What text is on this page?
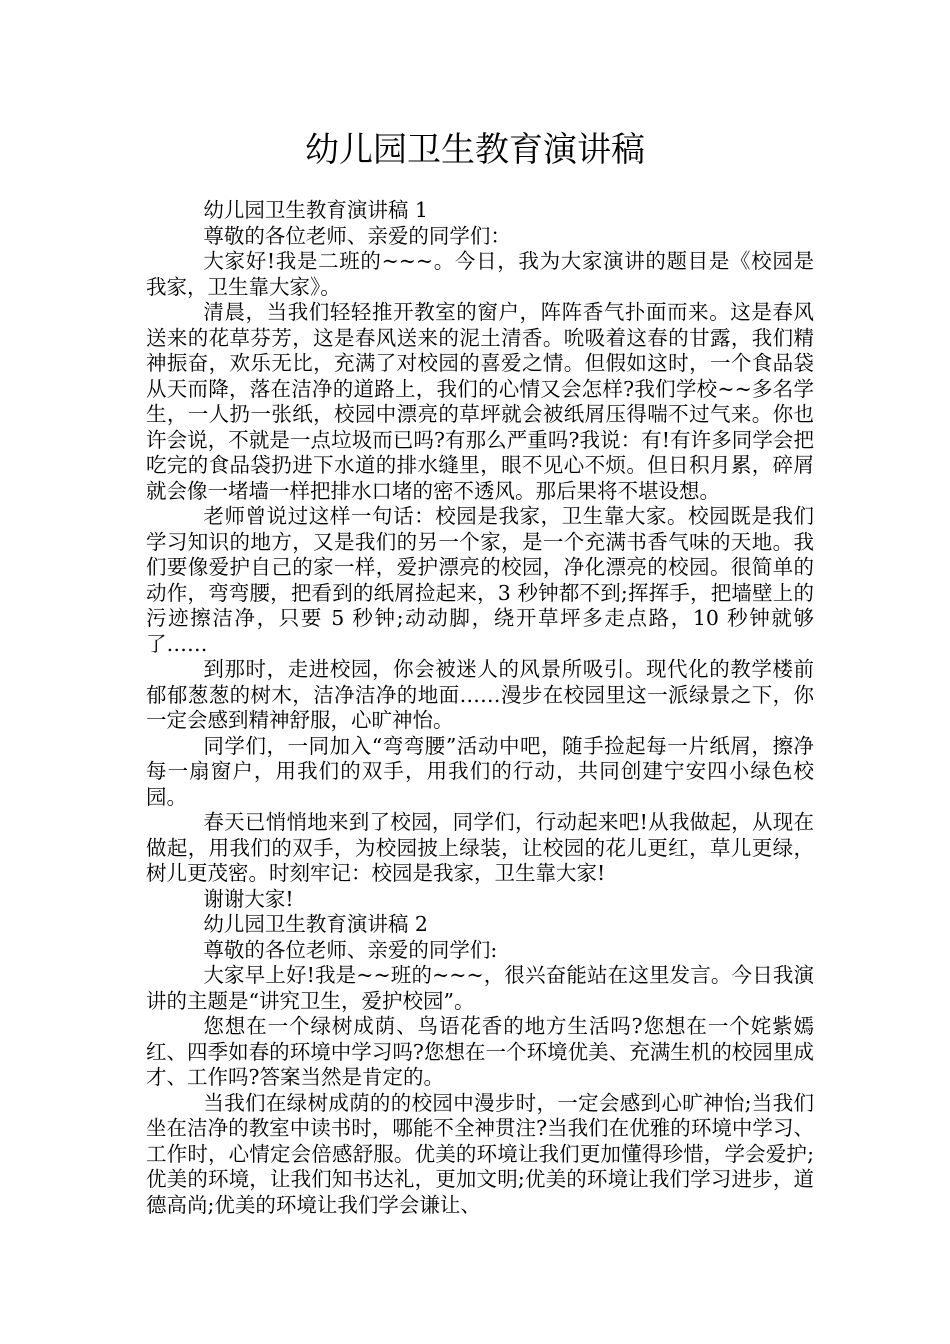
幼儿园卫生教育演讲稿

幼儿园卫生教育演讲稿 1

尊敬的各位老师、亲爱的同学们：

大家好!我是二班的~~~。今日，我为大家演讲的题目是《校园是我家，卫生靠大家》。

清晨，当我们轻轻推开教室的窗户，阵阵香气扑面而来。这是春风送来的花草芬芳，这是春风送来的泥土清香。吮吸着这春的甘露，我们精神振奋，欢乐无比，充满了对校园的喜爱之情。但假如这时，一个食品袋从天而降，落在洁净的道路上，我们的心情又会怎样?我们学校~~多名学生，一人扔一张纸，校园中漂亮的草坪就会被纸屑压得喘不过气来。你也许会说，不就是一点垃圾而已吗?有那么严重吗?我说：有!有许多同学会把吃完的食品袋扔进下水道的排水缝里，眼不见心不烦。但日积月累，碎屑就会像一堵墙一样把排水口堵的密不透风。那后果将不堪设想。

老师曾说过这样一句话：校园是我家，卫生靠大家。校园既是我们学习知识的地方，又是我们的另一个家，是一个充满书香气味的天地。我们要像爱护自己的家一样，爱护漂亮的校园，净化漂亮的校园。很简单的动作，弯弯腰，把看到的纸屑捡起来，3 秒钟都不到;挥挥手，把墙壁上的污迹擦洁净，只要 5 秒钟;动动脚，绕开草坪多走点路，10 秒钟就够了……

到那时，走进校园，你会被迷人的风景所吸引。现代化的教学楼前郁郁葱葱的树木，洁净洁净的地面……漫步在校园里这一派绿景之下，你一定会感到精神舒服，心旷神怡。

同学们，一同加入“弯弯腰”活动中吧，随手捡起每一片纸屑，擦净每一扇窗户，用我们的双手，用我们的行动，共同创建宁安四小绿色校园。

春天已悄悄地来到了校园，同学们，行动起来吧!从我做起，从现在做起，用我们的双手，为校园披上绿装，让校园的花儿更红，草儿更绿，树儿更茂密。时刻牢记：校园是我家，卫生靠大家!

谢谢大家!

幼儿园卫生教育演讲稿 2

尊敬的各位老师、亲爱的同学们:

大家早上好!我是~~班的~~~，很兴奋能站在这里发言。今日我演讲的主题是“讲究卫生，爱护校园”。

您想在一个绿树成荫、鸟语花香的地方生活吗?您想在一个姹紫嫣红、四季如春的环境中学习吗?您想在一个环境优美、充满生机的校园里成才、工作吗?答案当然是肯定的。

当我们在绿树成荫的的校园中漫步时，一定会感到心旷神怡;当我们坐在洁净的教室中读书时，哪能不全神贯注?当我们在优雅的环境中学习、工作时，心情定会倍感舒服。优美的环境让我们更加懂得珍惜，学会爱护;优美的环境，让我们知书达礼，更加文明;优美的环境让我们学习进步，道德高尚;优美的环境让我们学会谦让、
